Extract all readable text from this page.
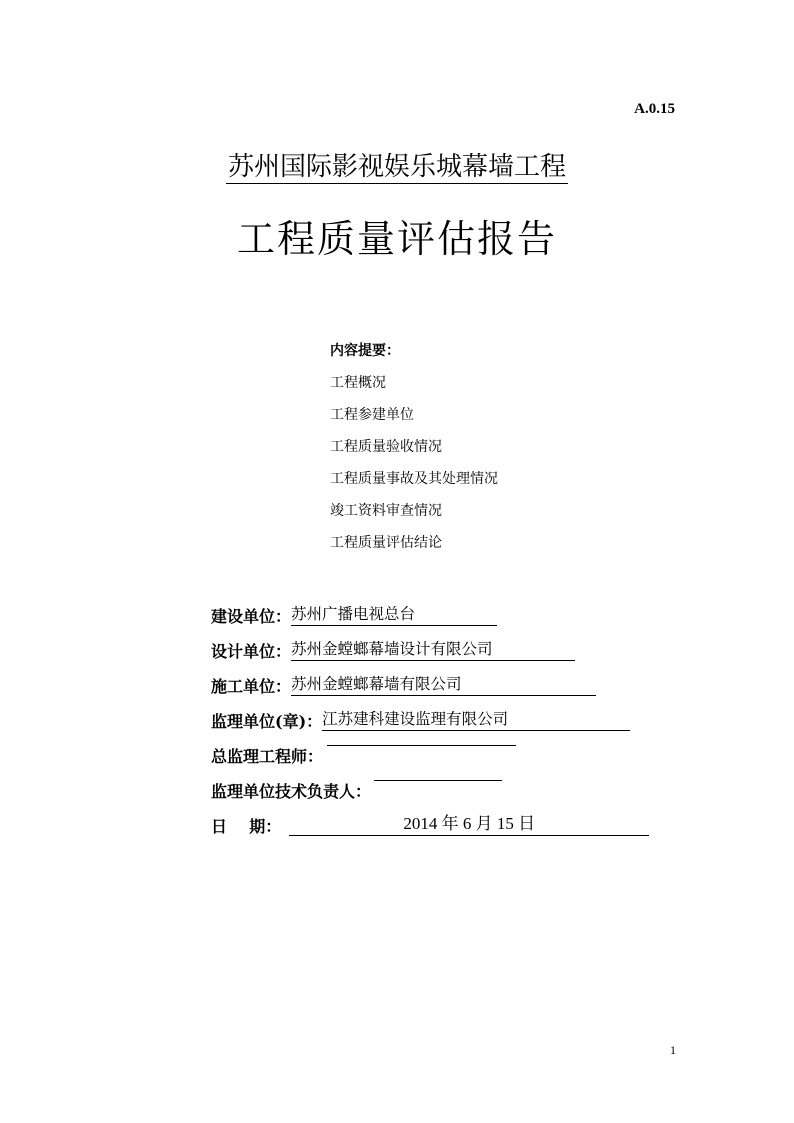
A.0.15
苏州国际影视娱乐城幕墙工程
工程质量评估报告
内容提要：
工程概况
工程参建单位
工程质量验收情况
工程质量事故及其处理情况
竣工资料审查情况
工程质量评估结论
建设单位： 苏州广播电视总台
设计单位： 苏州金螳螂幕墙设计有限公司
施工单位： 苏州金螳螂幕墙有限公司
监理单位(章)： 江苏建科建设监理有限公司
总监理工程师：
监理单位技术负责人：
日    期：	2014 年 6 月 15 日
1
